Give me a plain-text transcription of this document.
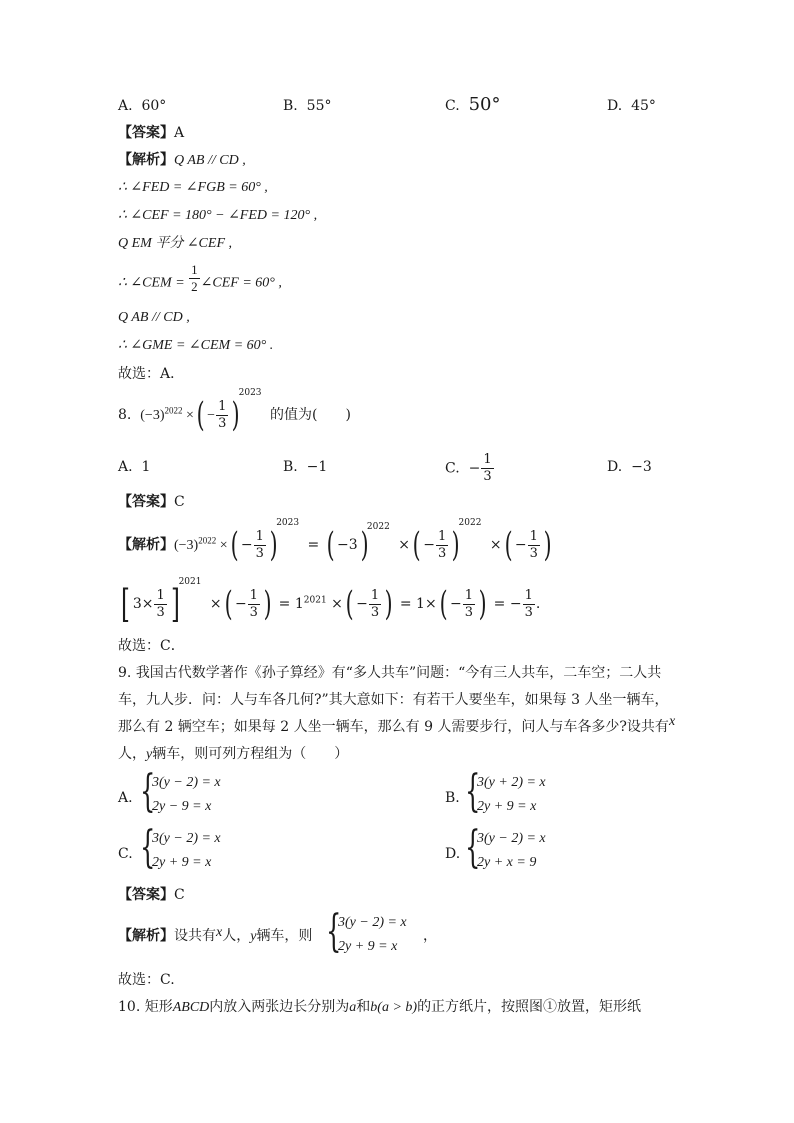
A. 60°	B. 55°	C. 50°	D. 45°
【答案】A
【解析】Q AB // CD ,
∴ ∠FED = ∠FGB = 60° ,
∴ ∠CEF = 180° − ∠FED = 120° ,
Q EM 平分 ∠CEF ,
∴ ∠CEM = $\frac{1}{2}$ ∠CEF = 60° ,
Q AB // CD ,
∴ ∠GME = ∠CEM = 60° .
故选：A．
8. $(-3)^{2022}$ ×( − $\frac{1}{3} )^{2023}$ 的值为(　　)
A. 1	B. −1	C.  − $\frac{1}{3}$	D. −3
【答案】C
【解析】$(-3)^{2022}$ ×( − $\frac{1}{3} )^{2023}$ = ( −3)$^{2022}$ ×( − $\frac{1}{3} )^{2022}$ ×( − $\frac{1}{3}$ )
[ $3\times \frac{1}{3} ]^{2021}$ ×( − $\frac{1}{3}$ ) = $1^{2021}$ ×( − $\frac{1}{3}$ ) = $1\times( - \frac{1}{3}$ ) = − $\frac{1}{3}$ .
故选：C．
9. 我国古代数学著作《孙子算经》有“多人共车”问题：“今有三人共车，二车空；二人共
车，九人步．问：人与车各几何?”其大意如下：有若干人要坐车，如果每 3 人坐一辆车，
那么有 2 辆空车；如果每 2 人坐一辆车，那么有 9 人需要步行，问人与车各多少?设共有x
人，y辆车，则可列方程组为（　　）
A. {
3(y − 2) = x
2y − 9 = x
B. {
3(y + 2) = x
2y + 9 = x
C. {
3(y − 2) = x
2y + 9 = x
D. {
3(y − 2) = x
2y + x = 9
【答案】C
【解析】设共有x人，y辆车，则 {
3(y − 2) = x
2y + 9 = x
，
故选：C.
10. 矩形ABCD内放入两张边长分别为a和b(a > b)的正方纸片，按照图①放置，矩形纸
